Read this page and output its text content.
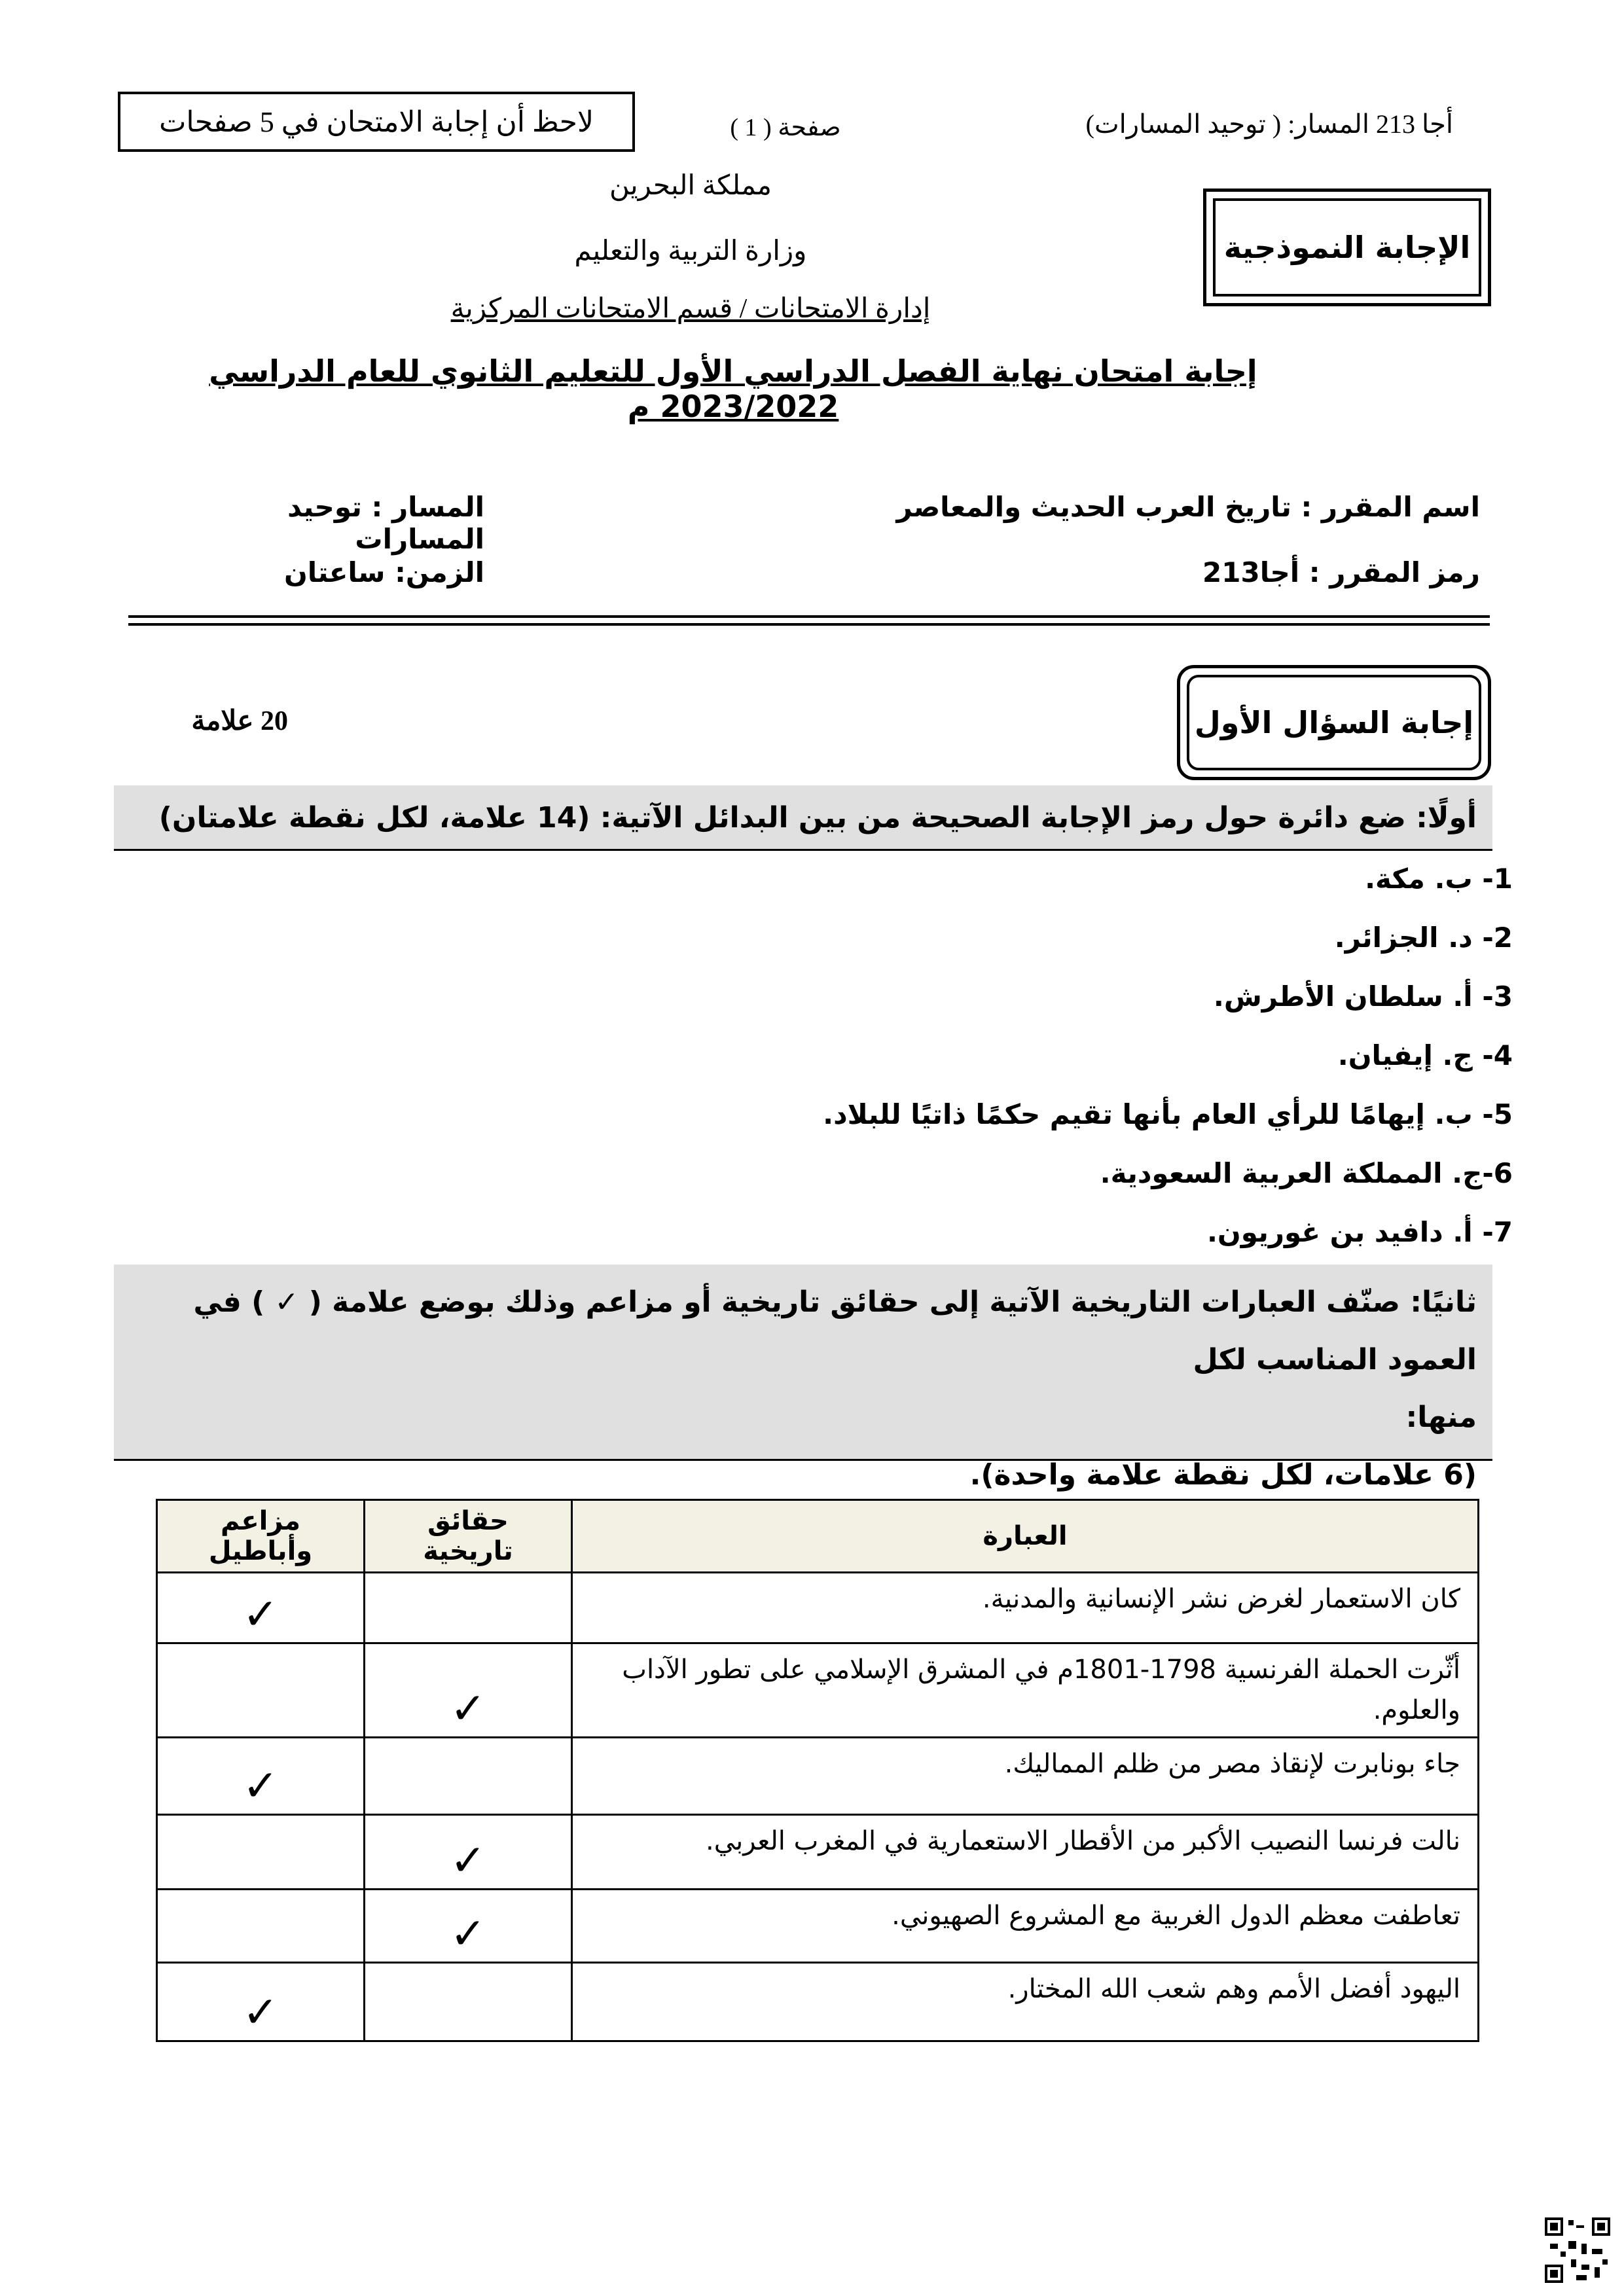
لاحظ أن إجابة الامتحان في 5 صفحات	صفحة ( 1 )	أجا 213 المسار: ( توحيد المسارات)
الإجابة النموذجية
مملكة البحرين
وزارة التربية والتعليم
إدارة الامتحانات / قسم الامتحانات المركزية
إجابة امتحان نهاية الفصل الدراسي الأول للتعليم الثانوي للعام الدراسي 2023/2022 م
اسم المقرر : تاريخ العرب الحديث والمعاصر
المسار : توحيد المسارات
رمز المقرر : أجا213
الزمن: ساعتان
إجابة السؤال الأول
20 علامة
أولًا: ضع دائرة حول رمز الإجابة الصحيحة من بين البدائل الآتية: (14 علامة، لكل نقطة علامتان)
1- ب. مكة.
2- د. الجزائر.
3- أ. سلطان الأطرش.
4- ج. إيفيان.
5- ب. إيهامًا للرأي العام بأنها تقيم حكمًا ذاتيًا للبلاد.
6-ج. المملكة العربية السعودية.
7- أ. دافيد بن غوريون.
ثانيًا: صنّف العبارات التاريخية الآتية إلى حقائق تاريخية أو مزاعم وذلك بوضع علامة ( ✓ ) في العمود المناسب لكل
منها:
(6 علامات، لكل نقطة علامة واحدة).
العبارة	حقائق تاريخية	مزاعم وأباطيل
كان الاستعمار لغرض نشر الإنسانية والمدنية.		✓
أثّرت الحملة الفرنسية 1798-1801م في المشرق الإسلامي على تطور الآداب والعلوم.	✓	
جاء بونابرت لإنقاذ مصر من ظلم المماليك.		✓
نالت فرنسا النصيب الأكبر من الأقطار الاستعمارية في المغرب العربي.	✓	
تعاطفت معظم الدول الغربية مع المشروع الصهيوني.	✓	
اليهود أفضل الأمم وهم شعب الله المختار.		✓
